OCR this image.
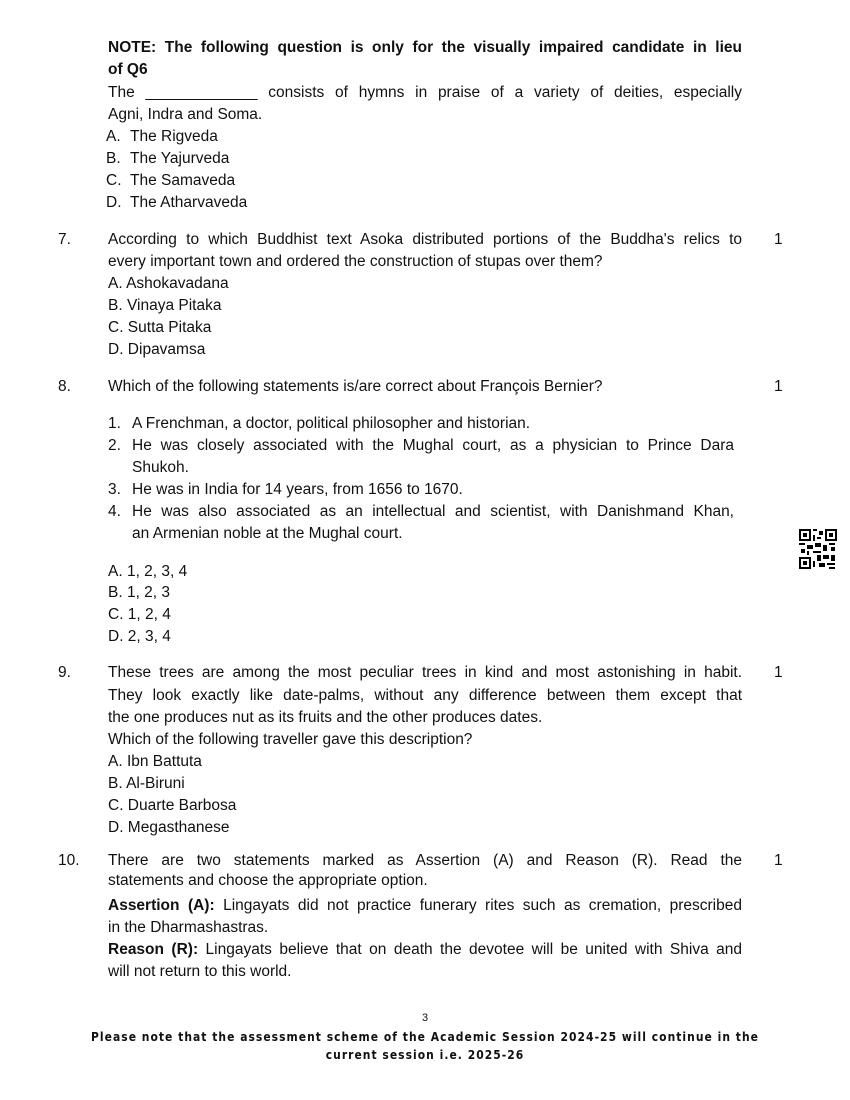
NOTE: The following question is only for the visually impaired candidate in lieu
of Q6
The _____________ consists of hymns in praise of a variety of deities, especially
Agni, Indra and Soma.
A. The Rigveda
B. The Yajurveda
C. The Samaveda
D. The Atharvaveda
7.	1
According to which Buddhist text Asoka distributed portions of the Buddha's relics to
every important town and ordered the construction of stupas over them?
A. Ashokavadana
B. Vinaya Pitaka
C. Sutta Pitaka
D. Dipavamsa
8.	1
Which of the following statements is/are correct about François Bernier?
1. A Frenchman, a doctor, political philosopher and historian.
2. He was closely associated with the Mughal court, as a physician to Prince Dara
Shukoh.
3. He was in India for 14 years, from 1656 to 1670.
4. He was also associated as an intellectual and scientist, with Danishmand Khan,
an Armenian noble at the Mughal court.
A. 1, 2, 3, 4
B. 1, 2, 3
C. 1, 2, 4
D. 2, 3, 4
9.	1
These trees are among the most peculiar trees in kind and most astonishing in habit.
They look exactly like date-palms, without any difference between them except that
the one produces nut as its fruits and the other produces dates.
Which of the following traveller gave this description?
A. Ibn Battuta
B. Al-Biruni
C. Duarte Barbosa
D. Megasthanese
10.	1
There are two statements marked as Assertion (A) and Reason (R). Read the
statements and choose the appropriate option.
Assertion (A): Lingayats did not practice funerary rites such as cremation, prescribed
in the Dharmashastras.
Reason (R): Lingayats believe that on death the devotee will be united with Shiva and
will not return to this world.
3
Please note that the assessment scheme of the Academic Session 2024-25 will continue in the
current session i.e. 2025-26
